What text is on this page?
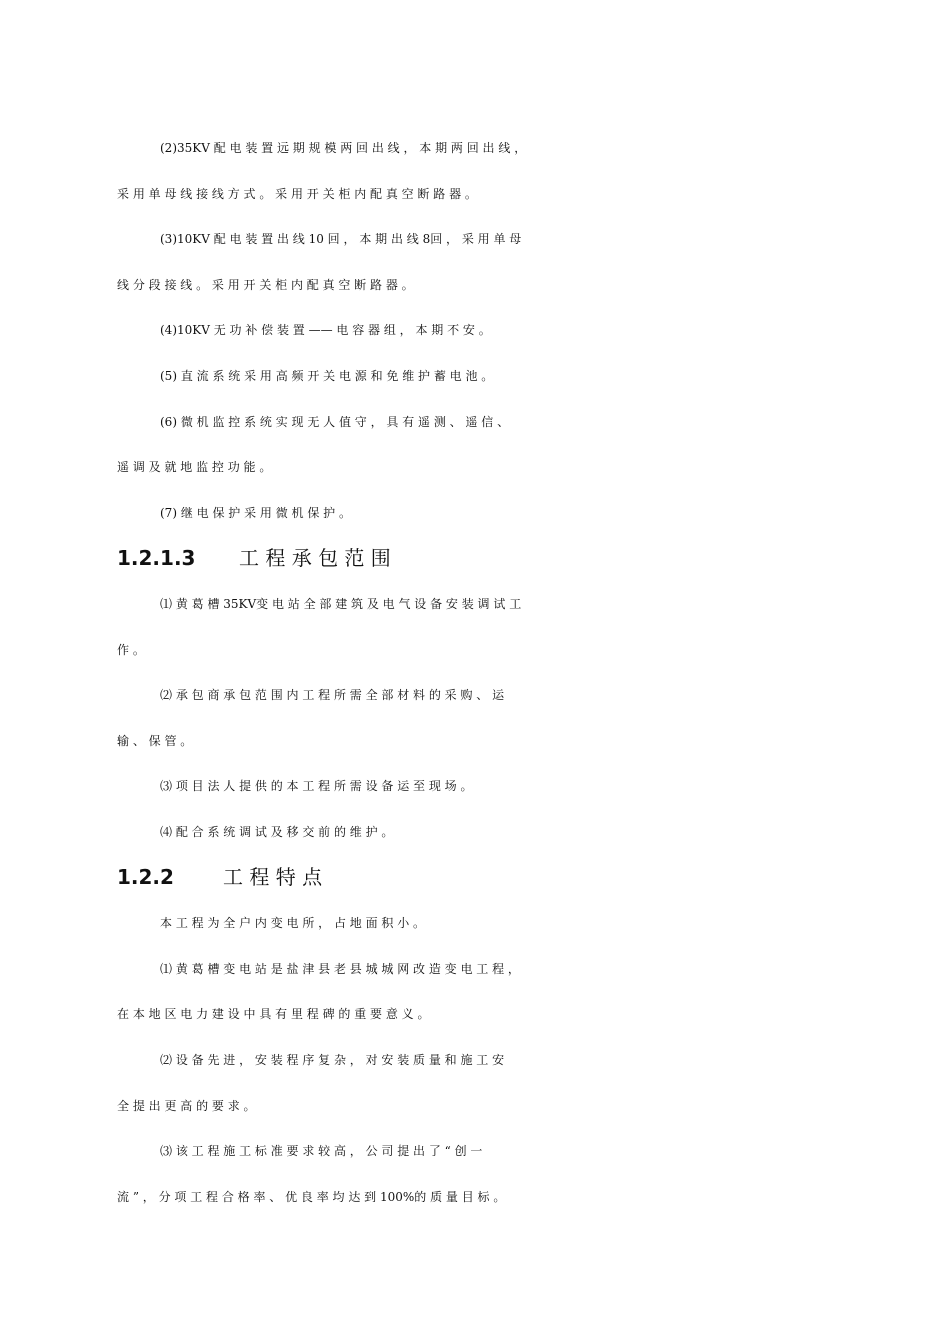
(2)35KV 配 电 装 置 远 期 规 模 两 回 出 线 ， 本 期 两 回 出 线 ，
采 用 单 母 线 接 线 方 式 。 采 用 开 关 柜 内 配 真 空 断 路 器 。
(3)10KV 配 电 装 置 出 线 10 回 ， 本 期 出 线 8回 ， 采 用 单 母
线 分 段 接 线 。 采 用 开 关 柜 内 配 真 空 断 路 器 。
(4)10KV 无 功 补 偿 装 置 —— 电 容 器 组 ， 本 期 不 安 。
(5) 直 流 系 统 采 用 高 频 开 关 电 源 和 免 维 护 蓄 电 池 。
(6) 微 机 监 控 系 统 实 现 无 人 值 守 ， 具 有 遥 测 、 遥 信 、
遥 调 及 就 地 监 控 功 能 。
(7) 继 电 保 护 采 用 微 机 保 护 。
1.2.1.3 工 程 承 包 范 围
⑴ 黄 葛 槽 35KV变 电 站 全 部 建 筑 及 电 气 设 备 安 装 调 试 工
作 。
⑵ 承 包 商 承 包 范 围 内 工 程 所 需 全 部 材 料 的 采 购 、 运
输 、 保 管 。
⑶ 项 目 法 人 提 供 的 本 工 程 所 需 设 备 运 至 现 场 。
⑷ 配 合 系 统 调 试 及 移 交 前 的 维 护 。
1.2.2 工 程 特 点
本 工 程 为 全 户 内 变 电 所 ， 占 地 面 积 小 。
⑴ 黄 葛 槽 变 电 站 是 盐 津 县 老 县 城 城 网 改 造 变 电 工 程 ，
在 本 地 区 电 力 建 设 中 具 有 里 程 碑 的 重 要 意 义 。
⑵ 设 备 先 进 ， 安 装 程 序 复 杂 ， 对 安 装 质 量 和 施 工 安
全 提 出 更 高 的 要 求 。
⑶ 该 工 程 施 工 标 准 要 求 较 高 ， 公 司 提 出 了 “ 创 一
流 ” ， 分 项 工 程 合 格 率 、 优 良 率 均 达 到 100%的 质 量 目 标 。
